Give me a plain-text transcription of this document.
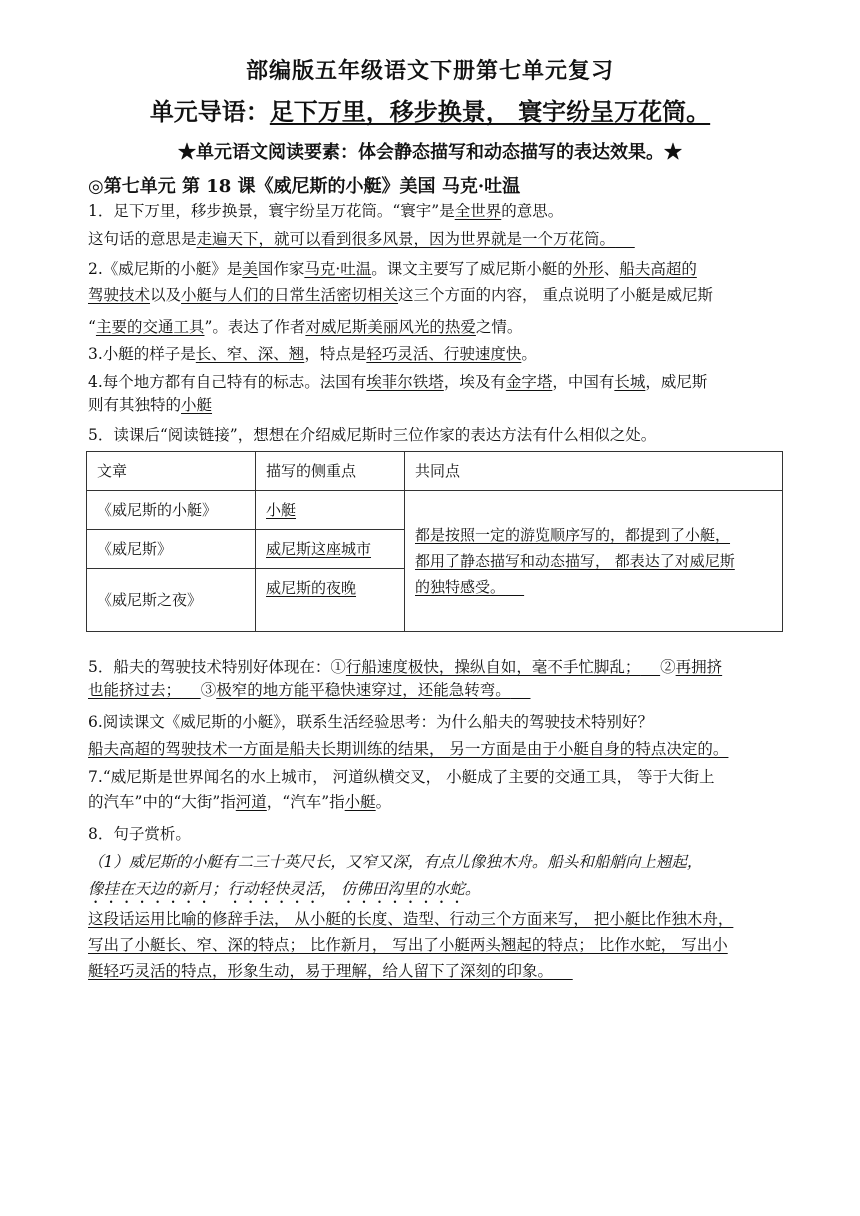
部编版五年级语文下册第七单元复习
单元导语：足下万里，移步换景， 寰宇纷呈万花筒。
★单元语文阅读要素：体会静态描写和动态描写的表达效果。★
◎第七单元 第 18 课《威尼斯的小艇》美国 马克·吐温
1．足下万里，移步换景，寰宇纷呈万花筒。“寰宇”是全世界的意思。
这句话的意思是走遍天下，就可以看到很多风景，因为世界就是一个万花筒。
2.《威尼斯的小艇》是美国作家马克·吐温。课文主要写了威尼斯小艇的外形、船夫高超的
驾驶技术以及小艇与人们的日常生活密切相关这三个方面的内容， 重点说明了小艇是威尼斯
“主要的交通工具”。表达了作者对威尼斯美丽风光的热爱之情。
3.小艇的样子是长、窄、深、翘，特点是轻巧灵活、行驶速度快。
4.每个地方都有自己特有的标志。法国有埃菲尔铁塔，埃及有金字塔，中国有长城，威尼斯
则有其独特的小艇
5．读课后“阅读链接”，想想在介绍威尼斯时三位作家的表达方法有什么相似之处。
文章	描写的侧重点	共同点
《威尼斯的小艇》	小艇	都是按照一定的游览顺序写的，都提到了小艇，
都用了静态描写和动态描写， 都表达了对威尼斯
的独特感受。

《威尼斯》	威尼斯这座城市	
《威尼斯之夜》	威尼斯的夜晚	
5．船夫的驾驶技术特别好体现在：①行船速度极快，操纵自如，毫不手忙脚乱； ②再拥挤
也能挤过去； ③极窄的地方能平稳快速穿过，还能急转弯。
6.阅读课文《威尼斯的小艇》，联系生活经验思考：为什么船夫的驾驶技术特别好？
船夫高超的驾驶技术一方面是船夫长期训练的结果， 另一方面是由于小艇自身的特点决定的。
7.“威尼斯是世界闻名的水上城市， 河道纵横交叉， 小艇成了主要的交通工具， 等于大街上
的汽车”中的“大街”指河道，“汽车”指小艇。
8．句子赏析。
（1）威尼斯的小艇有二三十英尺长，又窄又深，有点儿像独木舟。船头和船艄向上翘起，
像挂在天边的新月；行动轻快灵活， 仿佛田沟里的水蛇。
这段话运用比喻的修辞手法， 从小艇的长度、造型、行动三个方面来写， 把小艇比作独木舟，
写出了小艇长、窄、深的特点； 比作新月， 写出了小艇两头翘起的特点； 比作水蛇， 写出小
艇轻巧灵活的特点，形象生动，易于理解，给人留下了深刻的印象。
